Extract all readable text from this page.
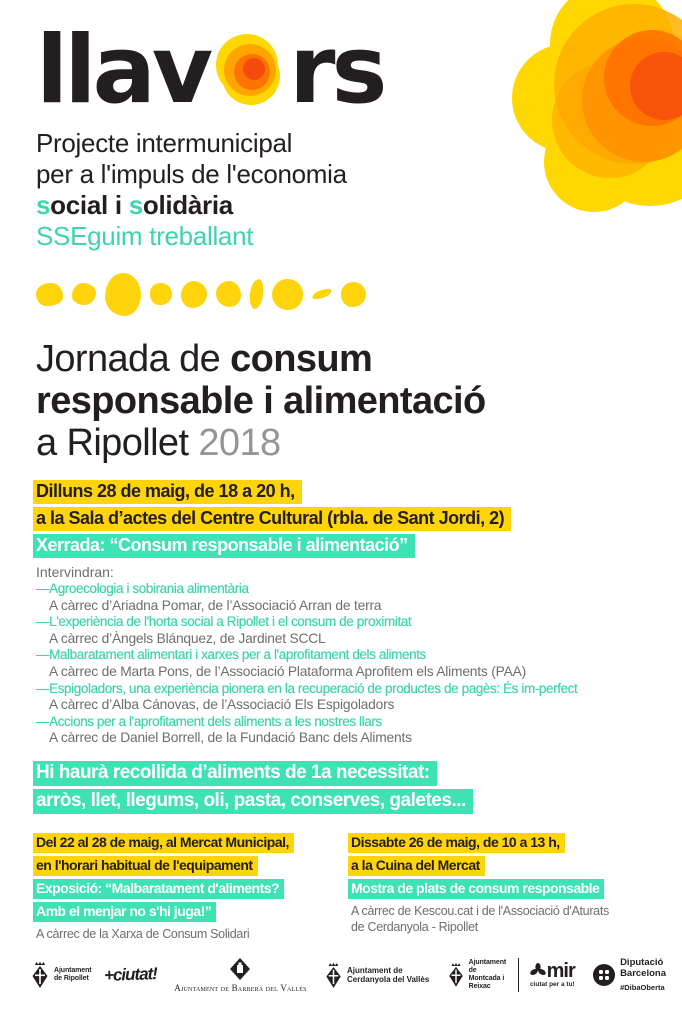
llav rs
Projecte intermunicipal
per a l'impuls de l'economia
social i solidària
SSEguim treballant
Jornada de consum
responsable i alimentació
a Ripollet 2018
Dilluns 28 de maig, de 18 a 20 h,
a la Sala d’actes del Centre Cultural (rbla. de Sant Jordi, 2)
Xerrada: “Consum responsable i alimentació”
Intervindran:
—Agroecologia i sobirania alimentària
A càrrec d’Ariadna Pomar, de l’Associació Arran de terra
—L'experiència de l'horta social a Ripollet i el consum de proximitat
A càrrec d’Àngels Blánquez, de Jardinet SCCL
—Malbaratament alimentari i xarxes per a l'aprofitament dels aliments
A càrrec de Marta Pons, de l’Associació Plataforma Aprofitem els Aliments (PAA)
—Espigoladors, una experiència pionera en la recuperació de productes de pagès: És im-perfect
A càrrec d’Alba Cánovas, de l’Associació Els Espigoladors
—Accions per a l'aprofitament dels aliments a les nostres llars
A càrrec de Daniel Borrell, de la Fundació Banc dels Aliments
Hi haurà recollida d’aliments de 1a necessitat:
arròs, llet, llegums, oli, pasta, conserves, galetes...
Del 22 al 28 de maig, al Mercat Municipal,
en l'horari habitual de l'equipament
Exposició: “Malbaratament d'aliments?
Amb el menjar no s'hi juga!”
A càrrec de la Xarxa de Consum Solidari
Dissabte 26 de maig, de 10 a 13 h,
a la Cuina del Mercat
Mostra de plats de consum responsable
A càrrec de Kescou.cat i de l'Associació d'Aturats
de Cerdanyola - Ripollet
Ajuntament de Ripollet +ciutat!
Ajuntament de Barberà del Vallès
Ajuntament de
Cerdanyola del Vallès
Ajuntament de
Montcada i Reixac
mir
ciutat per a tu!
Diputació
Barcelona
#DibaOberta
